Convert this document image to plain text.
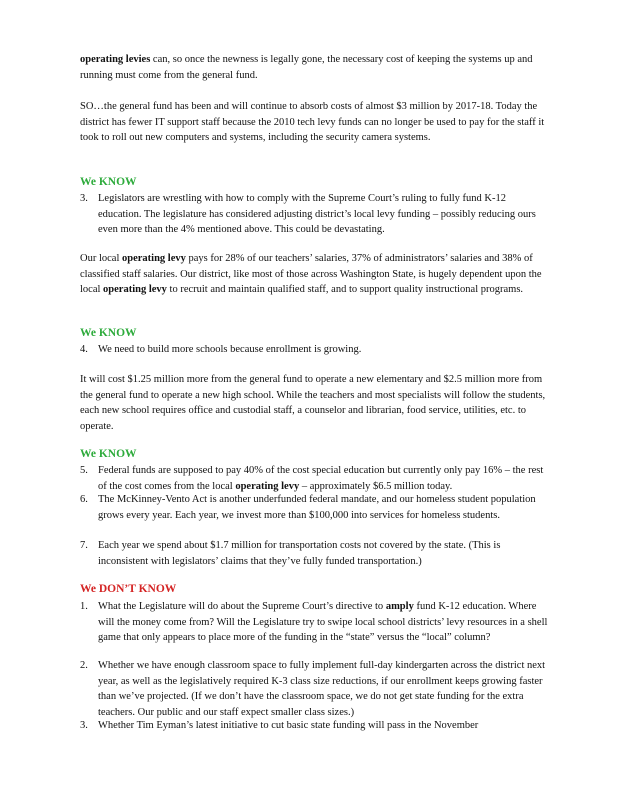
operating levies can, so once the newness is legally gone, the necessary cost of keeping the systems up and running must come from the general fund.

SO…the general fund has been and will continue to absorb costs of almost $3 million by 2017-18. Today the district has fewer IT support staff because the 2010 tech levy funds can no longer be used to pay for the staff it took to roll out new computers and systems, including the security camera systems.

We KNOW
3. Legislators are wrestling with how to comply with the Supreme Court’s ruling to fully fund K-12 education. The legislature has considered adjusting district’s local levy funding – possibly reducing ours even more than the 4% mentioned above. This could be devastating.

Our local operating levy pays for 28% of our teachers’ salaries, 37% of administrators’ salaries and 38% of classified staff salaries. Our district, like most of those across Washington State, is hugely dependent upon the local operating levy to recruit and maintain qualified staff, and to support quality instructional programs.

We KNOW
4. We need to build more schools because enrollment is growing.

It will cost $1.25 million more from the general fund to operate a new elementary and $2.5 million more from the general fund to operate a new high school. While the teachers and most specialists will follow the students, each new school requires office and custodial staff, a counselor and librarian, food service, utilities, etc. to operate.

We KNOW
5. Federal funds are supposed to pay 40% of the cost special education but currently only pay 16% – the rest of the cost comes from the local operating levy – approximately $6.5 million today.
6. The McKinney-Vento Act is another underfunded federal mandate, and our homeless student population grows every year. Each year, we invest more than $100,000 into services for homeless students.
7. Each year we spend about $1.7 million for transportation costs not covered by the state. (This is inconsistent with legislators’ claims that they’ve fully funded transportation.)
We DON’T KNOW
1. What the Legislature will do about the Supreme Court’s directive to amply fund K-12 education. Where will the money come from? Will the Legislature try to swipe local school districts’ levy resources in a shell game that only appears to place more of the funding in the “state” versus the “local” column?
2. Whether we have enough classroom space to fully implement full-day kindergarten across the district next year, as well as the legislatively required K-3 class size reductions, if our enrollment keeps growing faster than we’ve projected. (If we don’t have the classroom space, we do not get state funding for the extra teachers. Our public and our staff expect smaller class sizes.)
3. Whether Tim Eyman’s latest initiative to cut basic state funding will pass in the November
